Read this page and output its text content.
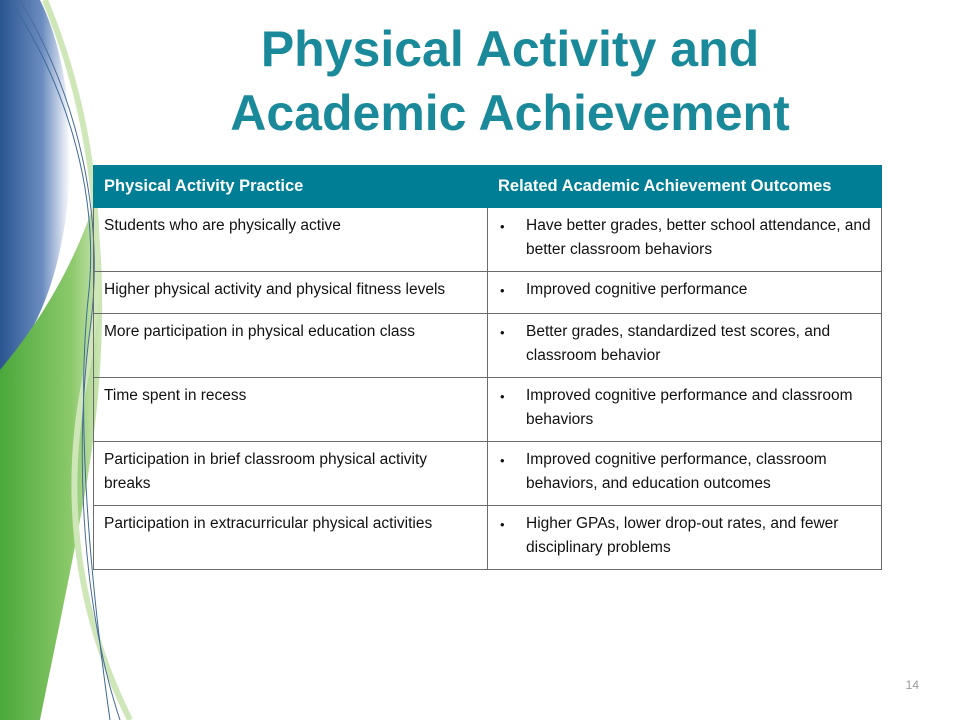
Physical Activity and
Academic Achievement
Physical Activity Practice	Related Academic Achievement Outcomes
Students who are physically active	• Have better grades, better school attendance, and better classroom behaviors

Higher physical activity and physical fitness levels	• Improved cognitive performance

More participation in physical education class	• Better grades, standardized test scores, and classroom behavior

Time spent in recess	• Improved cognitive performance and classroom behaviors

Participation in brief classroom physical activity breaks	• Improved cognitive performance, classroom behaviors, and education outcomes

Participation in extracurricular physical activities	• Higher GPAs, lower drop-out rates, and fewer disciplinary problems
14
